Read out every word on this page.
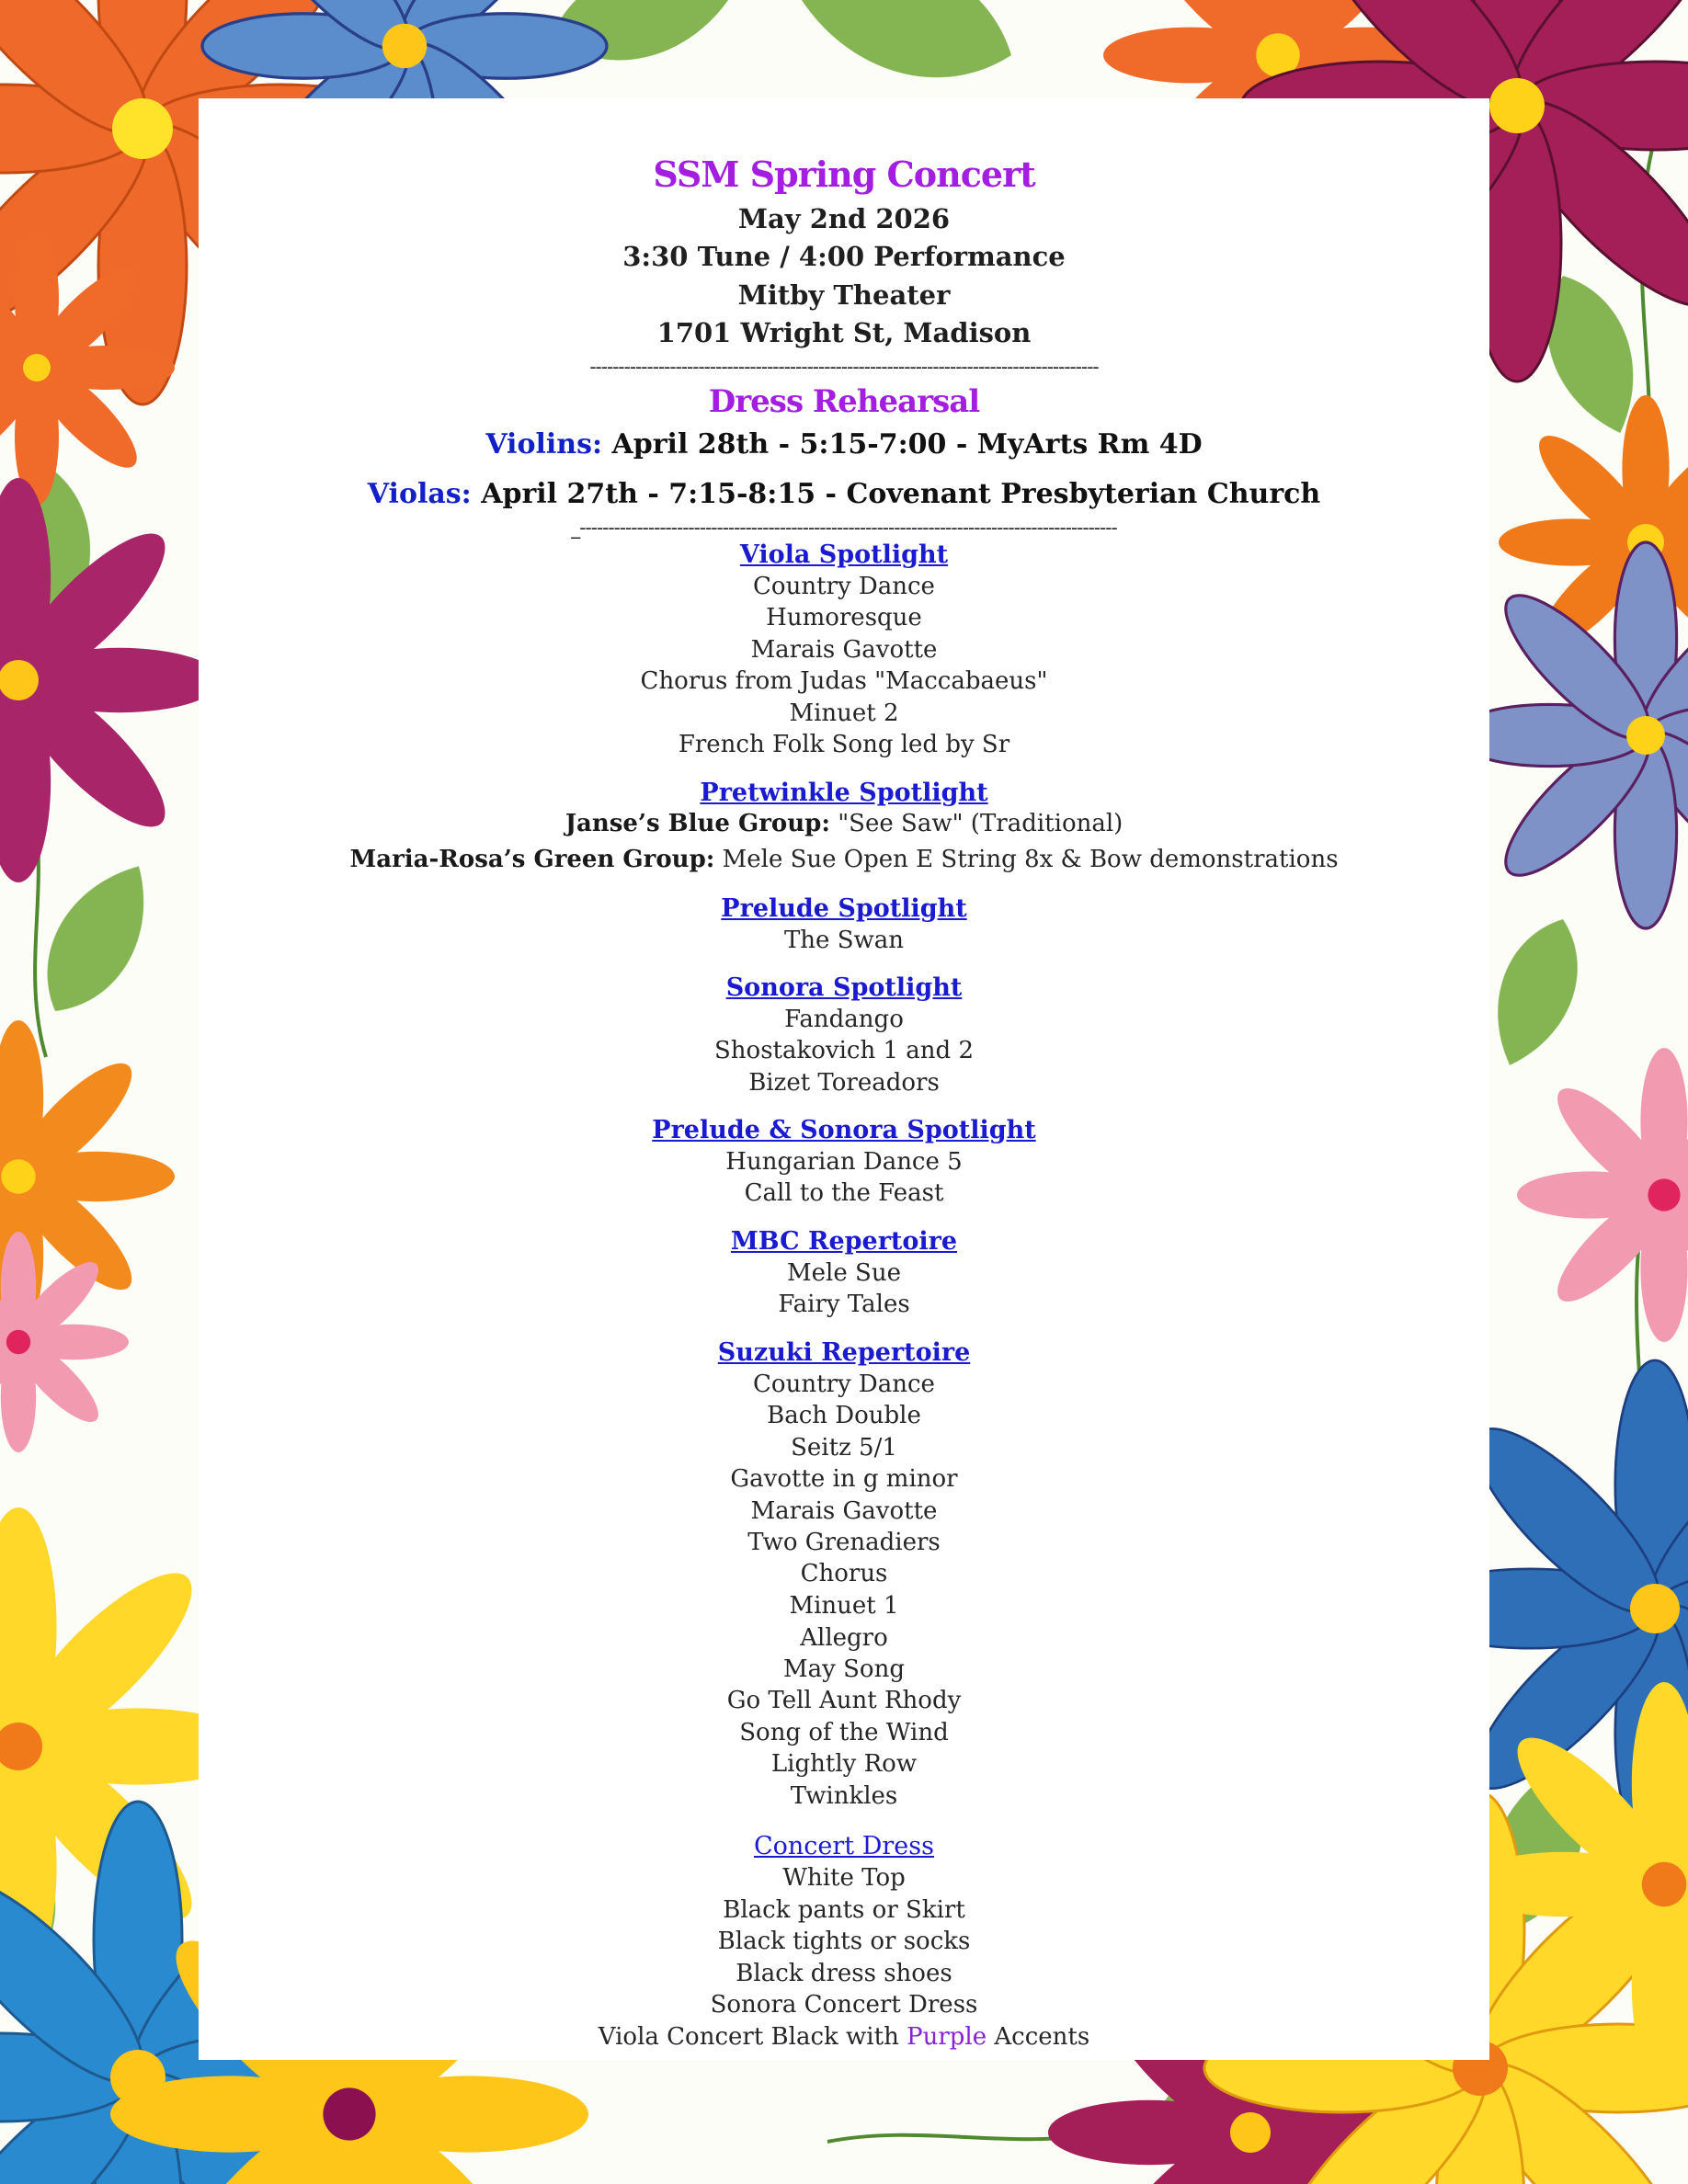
SSM Spring Concert
May 2nd 2026
3:30 Tune / 4:00 Performance
Mitby Theater
1701 Wright St, Madison
-----------------------------------------------------------------------------------------
Dress Rehearsal
Violins: April 28th - 5:15-7:00 - MyArts Rm 4D
Violas: April 27th - 7:15-8:15 - Covenant Presbyterian Church
_----------------------------------------------------------------------------------------------
Viola Spotlight
Country Dance
Humoresque
Marais Gavotte
Chorus from Judas "Maccabaeus"
Minuet 2
French Folk Song led by Sr
Pretwinkle Spotlight
Janse’s Blue Group: "See Saw" (Traditional)
Maria-Rosa’s Green Group: Mele Sue Open E String 8x & Bow demonstrations
Prelude Spotlight
The Swan
Sonora Spotlight
Fandango
Shostakovich 1 and 2
Bizet Toreadors
Prelude & Sonora Spotlight
Hungarian Dance 5
Call to the Feast
MBC Repertoire
Mele Sue
Fairy Tales
Suzuki Repertoire
Country Dance
Bach Double
Seitz 5/1
Gavotte in g minor
Marais Gavotte
Two Grenadiers
Chorus
Minuet 1
Allegro
May Song
Go Tell Aunt Rhody
Song of the Wind
Lightly Row
Twinkles
Concert Dress
White Top
Black pants or Skirt
Black tights or socks
Black dress shoes
Sonora Concert Dress
Viola Concert Black with Purple Accents
